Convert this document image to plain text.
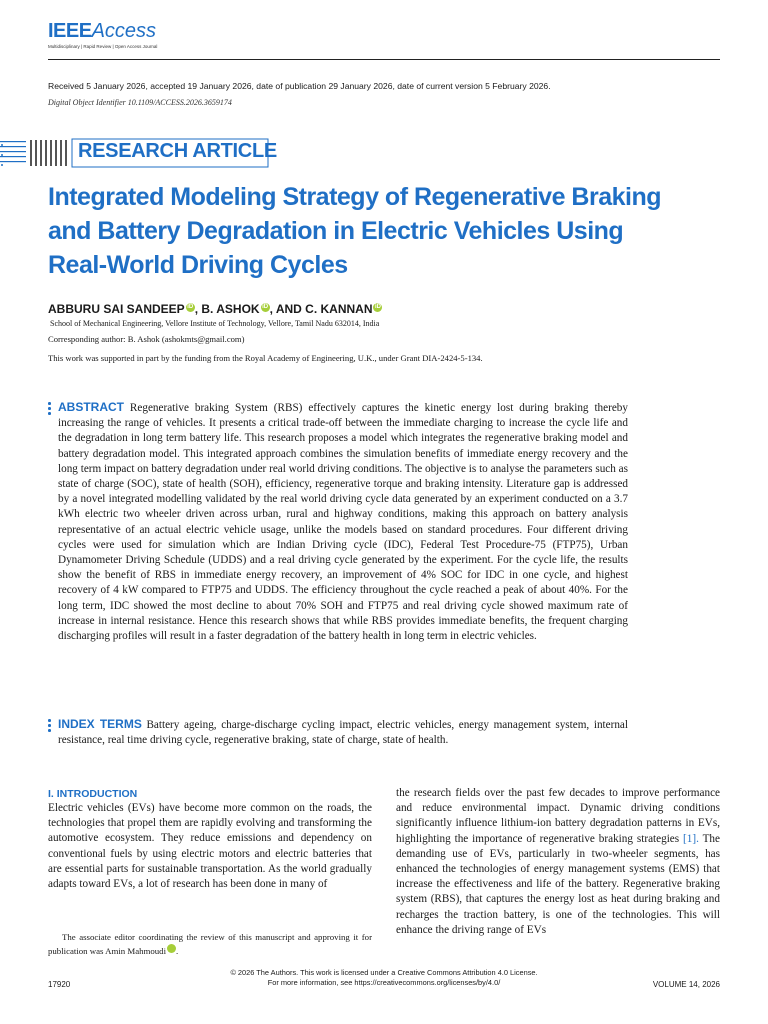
IEEEAccess
Multidisciplinary | Rapid Review | Open Access Journal
Received 5 January 2026, accepted 19 January 2026, date of publication 29 January 2026, date of current version 5 February 2026.
Digital Object Identifier 10.1109/ACCESS.2026.3659174
RESEARCH ARTICLE
Integrated Modeling Strategy of Regenerative Braking and Battery Degradation in Electric Vehicles Using Real-World Driving Cycles
ABBURU SAI SANDEEP iD , B. ASHOK iD , AND C. KANNAN iD
School of Mechanical Engineering, Vellore Institute of Technology, Vellore, Tamil Nadu 632014, India
Corresponding author: B. Ashok (ashokmts@gmail.com)
This work was supported in part by the funding from the Royal Academy of Engineering, U.K., under Grant DIA-2424-5-134.
ABSTRACT Regenerative braking System (RBS) effectively captures the kinetic energy lost during braking thereby increasing the range of vehicles. It presents a critical trade-off between the immediate charging to increase the cycle life and the degradation in long term battery life. This research proposes a model which integrates the regenerative braking model and battery degradation model. This integrated approach combines the simulation benefits of immediate energy recovery and the long term impact on battery degradation under real world driving conditions. The objective is to analyse the parameters such as state of charge (SOC), state of health (SOH), efficiency, regenerative torque and braking intensity. Literature gap is addressed by a novel integrated modelling validated by the real world driving cycle data generated by an experiment conducted on a 3.7 kWh electric two wheeler driven across urban, rural and highway conditions, making this approach on battery analysis representative of an actual electric vehicle usage, unlike the models based on standard procedures. Four different driving cycles were used for simulation which are Indian Driving cycle (IDC), Federal Test Procedure-75 (FTP75), Urban Dynamometer Driving Schedule (UDDS) and a real driving cycle generated by the experiment. For the cycle life, the results show the benefit of RBS in immediate energy recovery, an improvement of 4% SOC for IDC in one cycle, and highest recovery of 4 kW compared to FTP75 and UDDS. The efficiency throughout the cycle reached a peak of about 40%. For the long term, IDC showed the most decline to about 70% SOH and FTP75 and real driving cycle showed maximum rate of increase in internal resistance. Hence this research shows that while RBS provides immediate benefits, the frequent charging discharging profiles will result in a faster degradation of the battery health in long term in electric vehicles.
INDEX TERMS Battery ageing, charge-discharge cycling impact, electric vehicles, energy management system, internal resistance, real time driving cycle, regenerative braking, state of charge, state of health.
I. INTRODUCTION
Electric vehicles (EVs) have become more common on the roads, the technologies that propel them are rapidly evolving and transforming the automotive ecosystem. They reduce emissions and dependency on conventional fuels by using electric motors and electric batteries that are essential parts for sustainable transportation. As the world gradually adapts toward EVs, a lot of research has been done in many of
the research fields over the past few decades to improve performance and reduce environmental impact. Dynamic driving conditions significantly influence lithium-ion battery degradation patterns in EVs, highlighting the importance of regenerative braking strategies [1]. The demanding use of EVs, particularly in two-wheeler segments, has enhanced the technologies of energy management systems (EMS) that increase the effectiveness and life of the battery. Regenerative braking system (RBS), that captures the energy lost as heat during braking and recharges the traction battery, is one of the technologies. This will enhance the driving range of EVs
The associate editor coordinating the review of this manuscript and approving it for publication was Amin Mahmoudi	iD.
© 2026 The Authors. This work is licensed under a Creative Commons Attribution 4.0 License.
For more information, see https://creativecommons.org/licenses/by/4.0/
17920	VOLUME 14, 2026
